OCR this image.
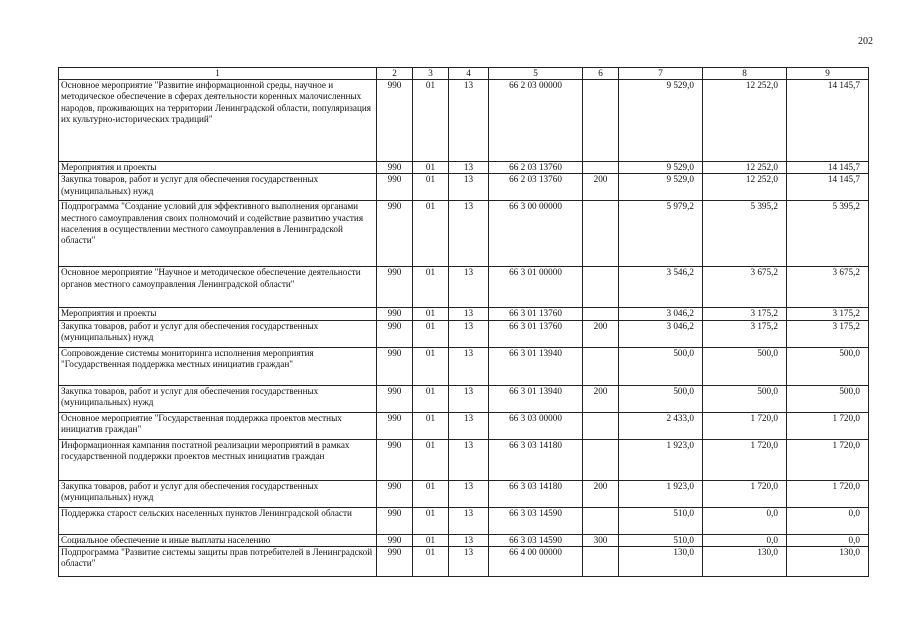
202
1	2	3	4	5	6	7	8	9
Основное мероприятие "Развитие информационной среды, научное и методическое обеспечение в сферах деятельности коренных малочисленных народов, проживающих на территории Ленинградской области, популяризация их культурно-исторических традиций"	990	01	13	66 2 03 00000		9 529,0	12 252,0	14 145,7
Мероприятия и проекты	990	01	13	66 2 03 13760		9 529,0	12 252,0	14 145,7
Закупка товаров, работ и услуг для обеспечения государственных (муниципальных) нужд	990	01	13	66 2 03 13760	200	9 529,0	12 252,0	14 145,7
Подпрограмма "Создание условий для эффективного выполнения органами местного самоуправления своих полномочий и содействие развитию участия населения в осуществлении местного самоуправления в Ленинградской области"	990	01	13	66 3 00 00000		5 979,2	5 395,2	5 395,2
Основное мероприятие "Научное и методическое обеспечение деятельности органов местного самоуправления Ленинградской области"	990	01	13	66 3 01 00000		3 546,2	3 675,2	3 675,2
Мероприятия и проекты	990	01	13	66 3 01 13760		3 046,2	3 175,2	3 175,2
Закупка товаров, работ и услуг для обеспечения государственных (муниципальных) нужд	990	01	13	66 3 01 13760	200	3 046,2	3 175,2	3 175,2
Сопровождение системы мониторинга исполнения мероприятия "Государственная поддержка местных инициатив граждан"	990	01	13	66 3 01 13940		500,0	500,0	500,0
Закупка товаров, работ и услуг для обеспечения государственных (муниципальных) нужд	990	01	13	66 3 01 13940	200	500,0	500,0	500,0
Основное мероприятие "Государственная поддержка проектов местных инициатив граждан"	990	01	13	66 3 03 00000		2 433,0	1 720,0	1 720,0
Информационная кампания постатной реализации мероприятий в рамках государственной поддержки проектов местных инициатив граждан	990	01	13	66 3 03 14180		1 923,0	1 720,0	1 720,0
Закупка товаров, работ и услуг для обеспечения государственных (муниципальных) нужд	990	01	13	66 3 03 14180	200	1 923,0	1 720,0	1 720,0
Поддержка старост сельских населенных пунктов Ленинградской области	990	01	13	66 3 03 14590		510,0	0,0	0,0
Социальное обеспечение и иные выплаты населению	990	01	13	66 3 03 14590	300	510,0	0,0	0,0
Подпрограмма "Развитие системы защиты прав потребителей в Ленинградской области"	990	01	13	66 4 00 00000		130,0	130,0	130,0
